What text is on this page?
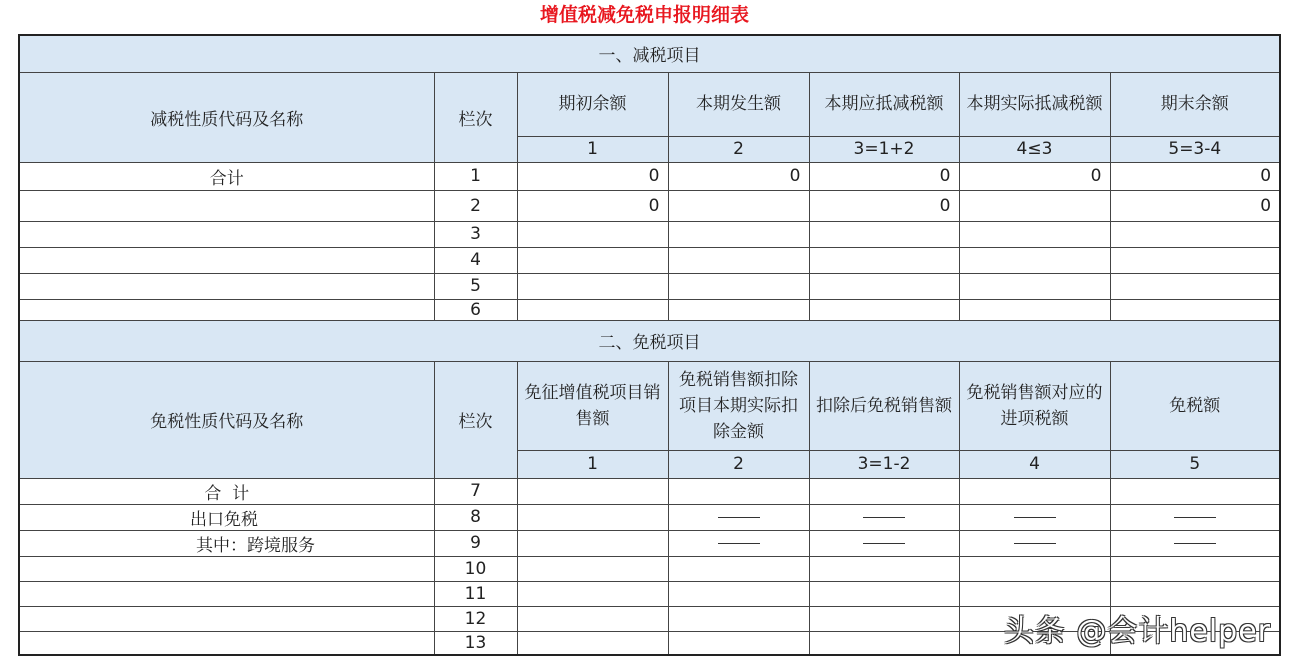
增值税减免税申报明细表
一、减税项目						
减税性质代码及名称	栏次	期初余额	本期发生额	本期应抵减税额	本期实际抵减税额	期末余额
		1	2	3=1+2	4≤3	5=3-4
合计	1	0	0	0	0	0
	2	0		0		0
	3					
	4					
	5					
	6					
二、免税项目						
免税性质代码及名称	栏次	免征增值税项目销售额	免税销售额扣除项目本期实际扣除金额	扣除后免税销售额	免税销售额对应的进项税额	免税额
		1	2	3=1-2	4	5
合  计	7					
出口免税	8					
其中：跨境服务	9					
	10					
	11					
	12					
	13						头条 @会计helper
